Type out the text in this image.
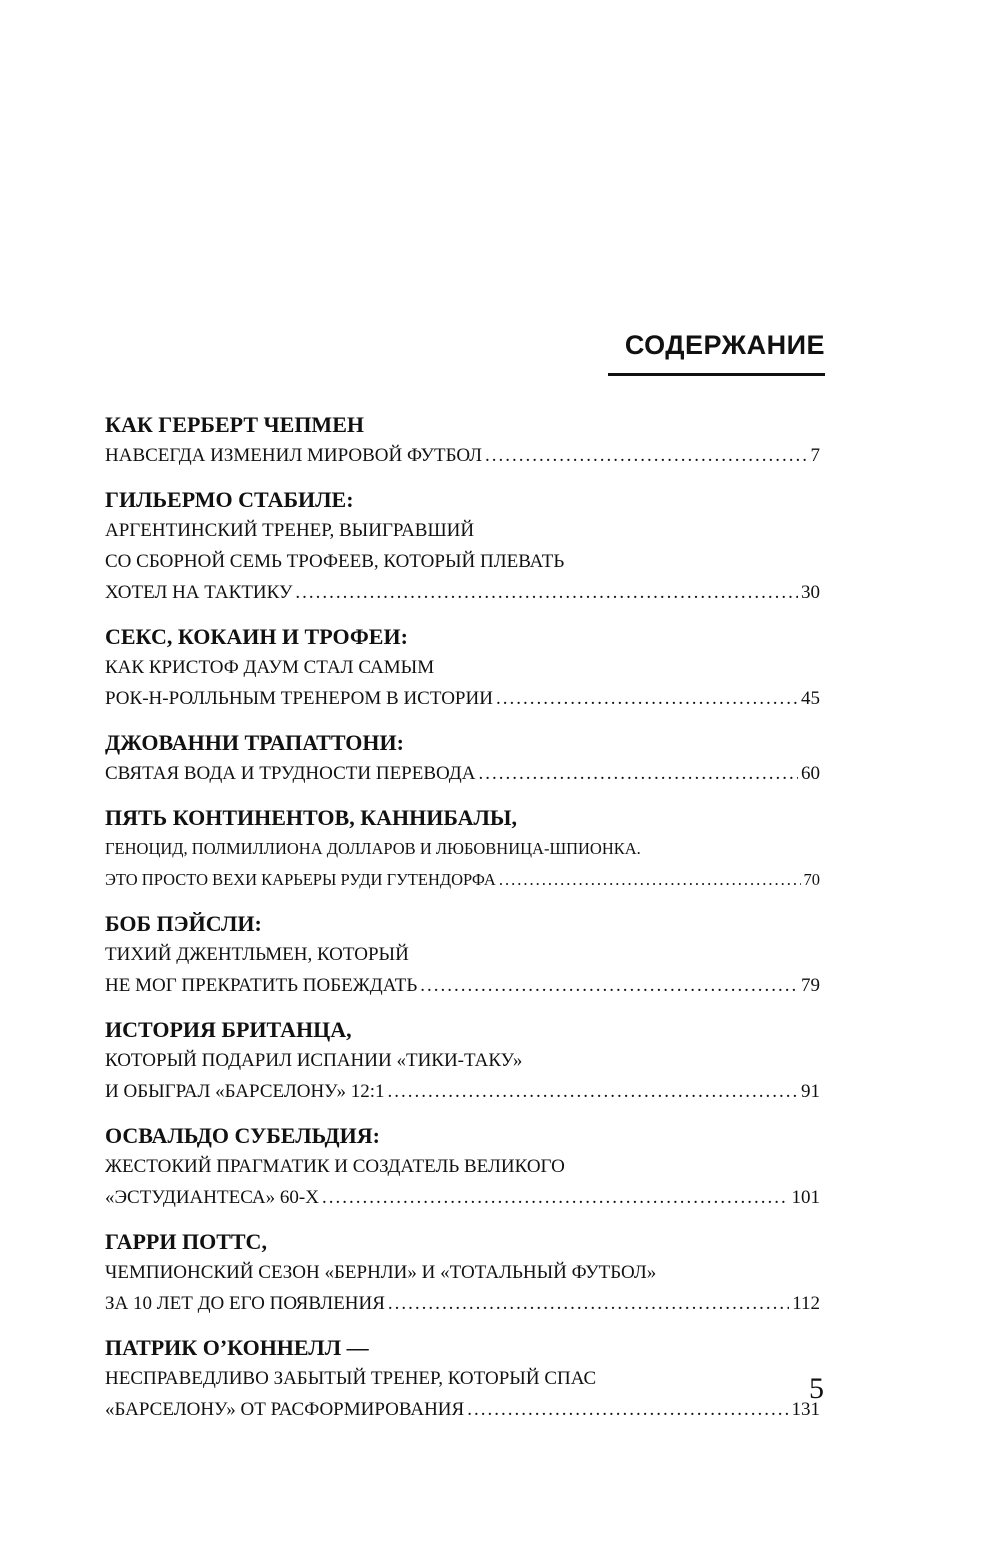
СОДЕРЖАНИЕ
КАК ГЕРБЕРТ ЧЕПМЕН
НАВСЕГДА ИЗМЕНИЛ МИРОВОЙ ФУТБОЛ .....	7
ГИЛЬЕРМО СТАБИЛЕ:
АРГЕНТИНСКИЙ ТРЕНЕР, ВЫИГРАВШИЙ
СО СБОРНОЙ СЕМЬ ТРОФЕЕВ, КОТОРЫЙ ПЛЕВАТЬ
ХОТЕЛ НА ТАКТИКУ .....	30
СЕКС, КОКАИН И ТРОФЕИ:
КАК КРИСТОФ ДАУМ СТАЛ САМЫМ
РОК-Н-РОЛЛЬНЫМ ТРЕНЕРОМ В ИСТОРИИ .....	45
ДЖОВАННИ ТРАПАТТОНИ:
СВЯТАЯ ВОДА И ТРУДНОСТИ ПЕРЕВОДА .....	60
ПЯТЬ КОНТИНЕНТОВ, КАННИБАЛЫ,
ГЕНОЦИД, ПОЛМИЛЛИОНА ДОЛЛАРОВ И ЛЮБОВНИЦА-ШПИОНКА.
ЭТО ПРОСТО ВЕХИ КАРЬЕРЫ РУДИ ГУТЕНДОРФА .....	70
БОБ ПЭЙСЛИ:
ТИХИЙ ДЖЕНТЛЬМЕН, КОТОРЫЙ
НЕ МОГ ПРЕКРАТИТЬ ПОБЕЖДАТЬ .....	79
ИСТОРИЯ БРИТАНЦА,
КОТОРЫЙ ПОДАРИЛ ИСПАНИИ «ТИКИ-ТАКУ»
И ОБЫГРАЛ «БАРСЕЛОНУ» 12:1 .....	91
ОСВАЛЬДО СУБЕЛЬДИЯ:
ЖЕСТОКИЙ ПРАГМАТИК И СОЗДАТЕЛЬ ВЕЛИКОГО
«ЭСТУДИАНТЕСА» 60-Х .....	101
ГАРРИ ПОТТС,
ЧЕМПИОНСКИЙ СЕЗОН «БЕРНЛИ» И «ТОТАЛЬНЫЙ ФУТБОЛ»
ЗА 10 ЛЕТ ДО ЕГО ПОЯВЛЕНИЯ .....	112
ПАТРИК О’КОННЕЛЛ —
НЕСПРАВЕДЛИВО ЗАБЫТЫЙ ТРЕНЕР, КОТОРЫЙ СПАС
«БАРСЕЛОНУ» ОТ РАСФОРМИРОВАНИЯ .....	131
5
